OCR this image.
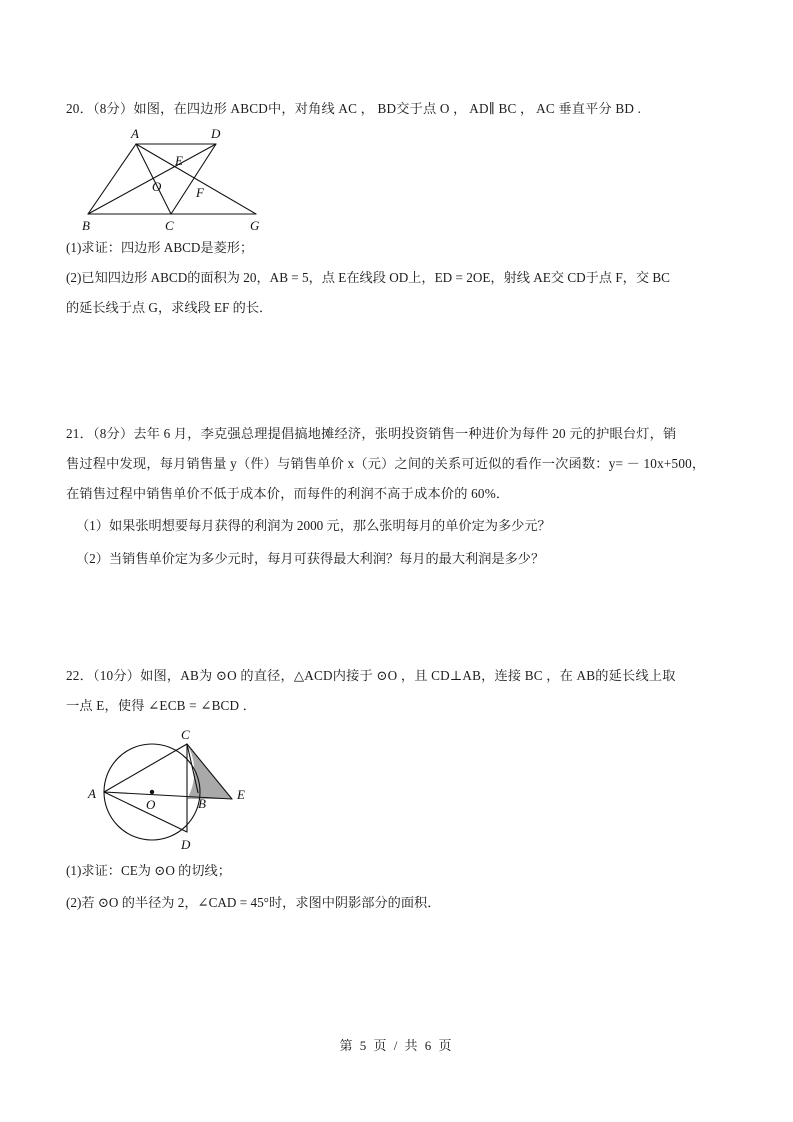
20．（8分）如图，在四边形 ABCD中，对角线 AC ， BD交于点 O ， AD∥ BC ， AC 垂直平分 BD .
A	D
E
O	F
B	C	G
(1)求证：四边形 ABCD是菱形；
(2)已知四边形 ABCD的面积为 20，AB = 5，点 E在线段 OD上，ED = 2OE，射线 AE交 CD于点 F，交 BC
的延长线于点 G，求线段 EF 的长．
21．（8分）去年 6 月，李克强总理提倡搞地摊经济，张明投资销售一种进价为每件 20 元的护眼台灯，销
售过程中发现，每月销售量 y（件）与销售单价 x（元）之间的关系可近似的看作一次函数：y= － 10x+500，
在销售过程中销售单价不低于成本价，而每件的利润不高于成本价的 60%．
（1）如果张明想要每月获得的利润为 2000 元，那么张明每月的单价定为多少元？
（2）当销售单价定为多少元时，每月可获得最大利润？每月的最大利润是多少？
22．（10分）如图，AB为 ⊙O 的直径，△ACD内接于 ⊙O ，且 CD⊥AB，连接 BC ，在 AB的延长线上取
一点 E，使得 ∠ECB = ∠BCD ．
C
A
O	B
E
D
(1)求证：CE为 ⊙O 的切线；
(2)若 ⊙O 的半径为 2，∠CAD = 45°时，求图中阴影部分的面积．
第 5 页 / 共 6 页
